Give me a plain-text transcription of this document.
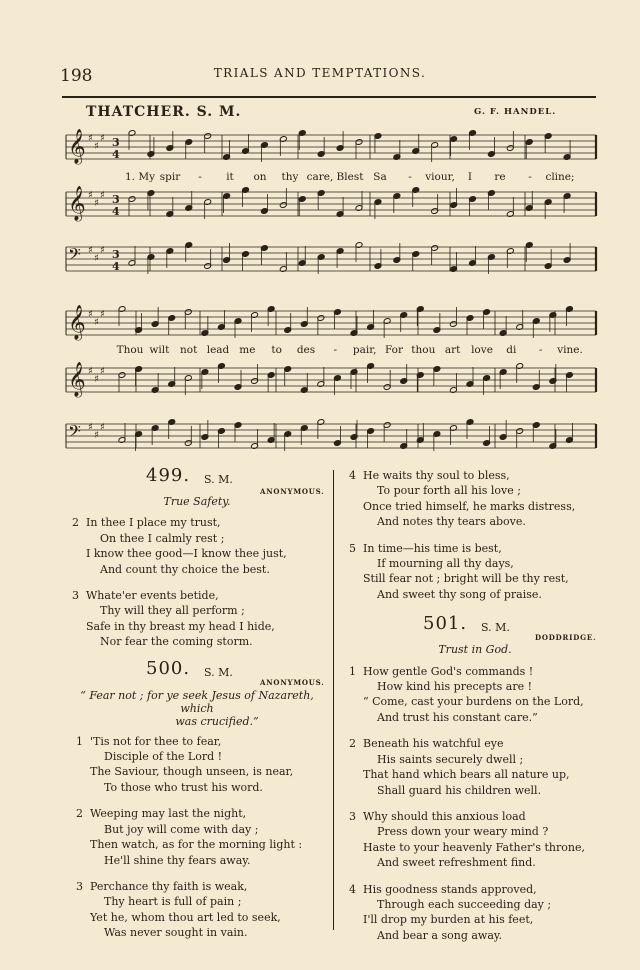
198	TRIALS AND TEMPTATIONS.
THATCHER. S. M.	G. F. HANDEL.
𝄞 ♯
♯
♯ 3
4
𝄞 ♯
♯
♯ 3
4
𝄢 ♯
♯
♯ 3
4
𝄞 ♯
♯
♯
𝄞 ♯
♯
♯
𝄢 ♯
♯
♯
1. My spir - it on thy care, Blest Sa - viour, I re - cline;
Thou wilt not lead me to des - pair, For thou art love di - vine.
499. S. M.
ANONYMOUS.
True Safety.
2 In thee I place my trust,
On thee I calmly rest ;
I know thee good—I know thee just,
And count thy choice the best.
3 Whate'er events betide,
Thy will they all perform ;
Safe in thy breast my head I hide,
Nor fear the coming storm.
500. S. M.
ANONYMOUS.
“ Fear not ; for ye seek Jesus of Nazareth, which
was crucified.”
1 'Tis not for thee to fear,
Disciple of the Lord !
The Saviour, though unseen, is near,
To those who trust his word.
2 Weeping may last the night,
But joy will come with day ;
Then watch, as for the morning light :
He'll shine thy fears away.
3 Perchance thy faith is weak,
Thy heart is full of pain ;
Yet he, whom thou art led to seek,
Was never sought in vain.
4 He waits thy soul to bless,
To pour forth all his love ;
Once tried himself, he marks distress,
And notes thy tears above.
5 In time—his time is best,
If mourning all thy days,
Still fear not ; bright will be thy rest,
And sweet thy song of praise.
501. S. M.
DODDRIDGE.
Trust in God.
1 How gentle God's commands !
How kind his precepts are !
“ Come, cast your burdens on the Lord,
And trust his constant care.”
2 Beneath his watchful eye
His saints securely dwell ;
That hand which bears all nature up,
Shall guard his children well.
3 Why should this anxious load
Press down your weary mind ?
Haste to your heavenly Father's throne,
And sweet refreshment find.
4 His goodness stands approved,
Through each succeeding day ;
I'll drop my burden at his feet,
And bear a song away.
